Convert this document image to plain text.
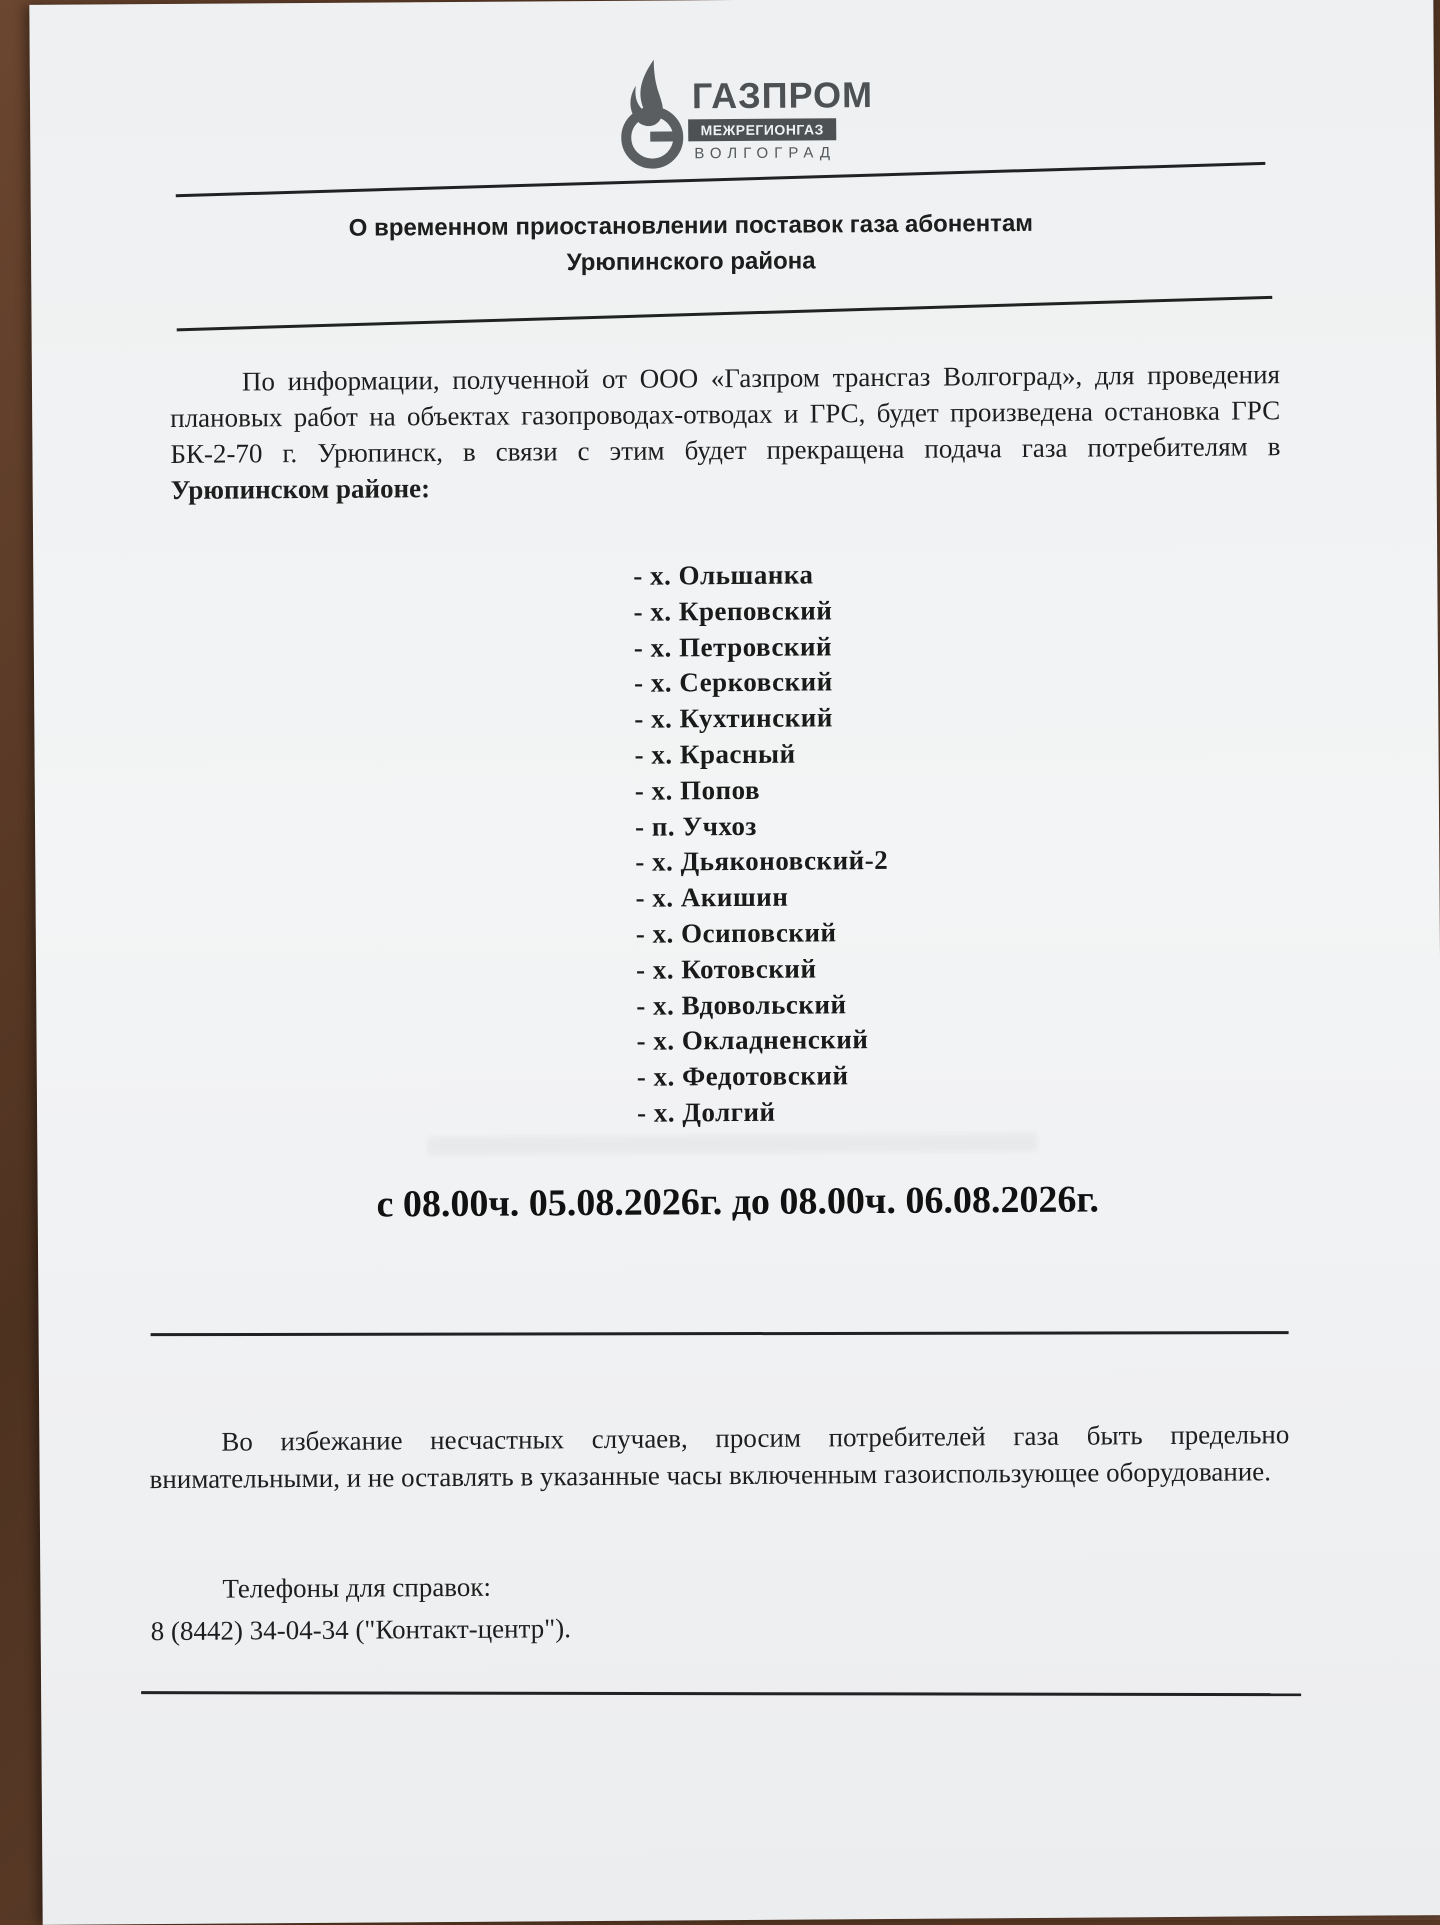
ГАЗПРОМ
МЕЖРЕГИОНГАЗ
ВОЛГОГРАД
О временном приостановлении поставок газа абонентам
Урюпинского района
По информации, полученной от ООО «Газпром трансгаз Волгоград», для проведения плановых работ на объектах газопроводах-отводах и ГРС, будет произведена остановка ГРС БК-2-70 г. Урюпинск, в связи с этим будет прекращена подача газа потребителям в Урюпинском районе:
- х. Ольшанка
- х. Креповский
- х. Петровский
- х. Серковский
- х. Кухтинский
- х. Красный
- х. Попов
- п. Учхоз
- х. Дьяконовский-2
- х. Акишин
- х. Осиповский
- х. Котовский
- х. Вдовольский
- х. Окладненский
- х. Федотовский
- х. Долгий
с 08.00ч. 05.08.2026г. до 08.00ч. 06.08.2026г.
Во избежание несчастных случаев, просим потребителей газа быть предельно внимательными, и не оставлять в указанные часы включенным газоиспользующее оборудование.
Телефоны для справок:
8 (8442) 34-04-34 ("Контакт-центр").
